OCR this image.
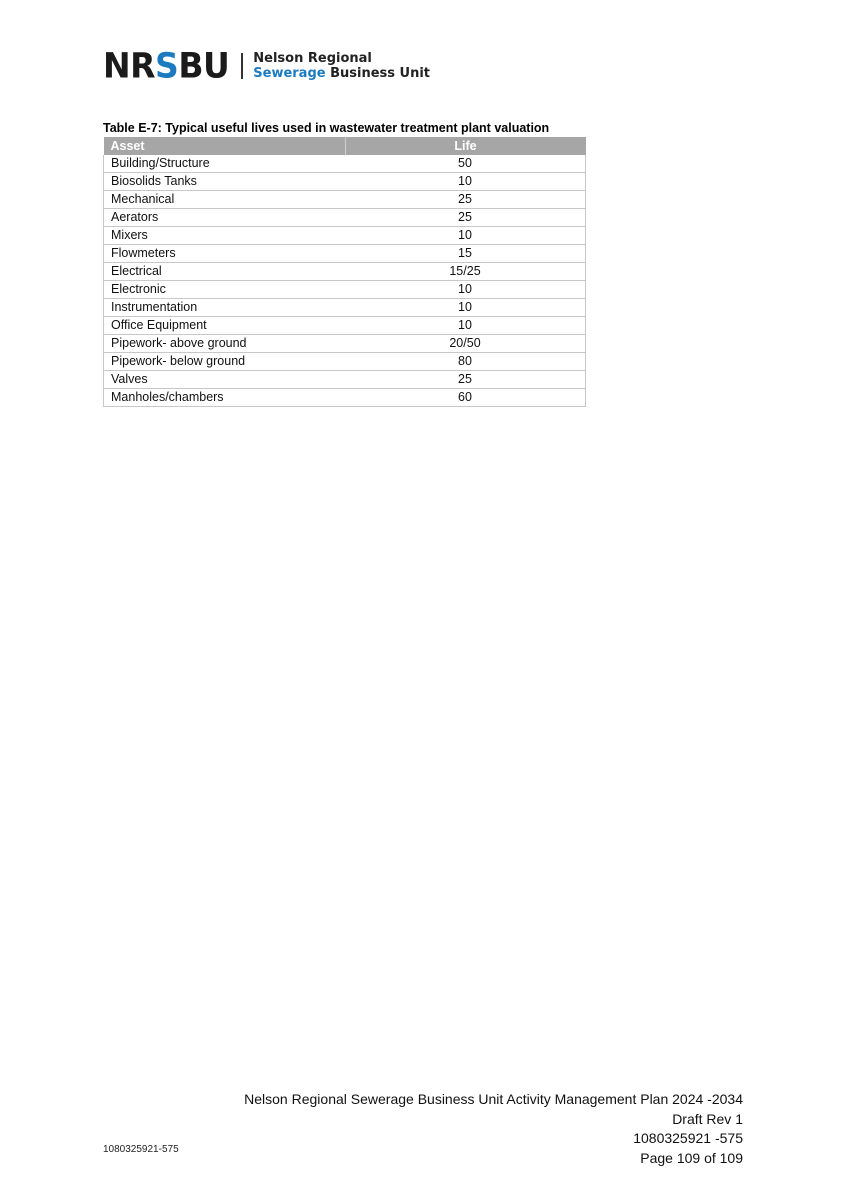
NRSBU Nelson Regional
Sewerage Business Unit
Table E-7: Typical useful lives used in wastewater treatment plant valuation
Asset	Life
Building/Structure	50
Biosolids Tanks	10
Mechanical	25
Aerators	25
Mixers	10
Flowmeters	15
Electrical	15/25
Electronic	10
Instrumentation	10
Office Equipment	10
Pipework- above ground	20/50
Pipework- below ground	80
Valves	25
Manholes/chambers	60
1080325921-575
Nelson Regional Sewerage Business Unit Activity Management Plan 2024 -2034
Draft Rev 1
1080325921 -575
Page 109 of 109
